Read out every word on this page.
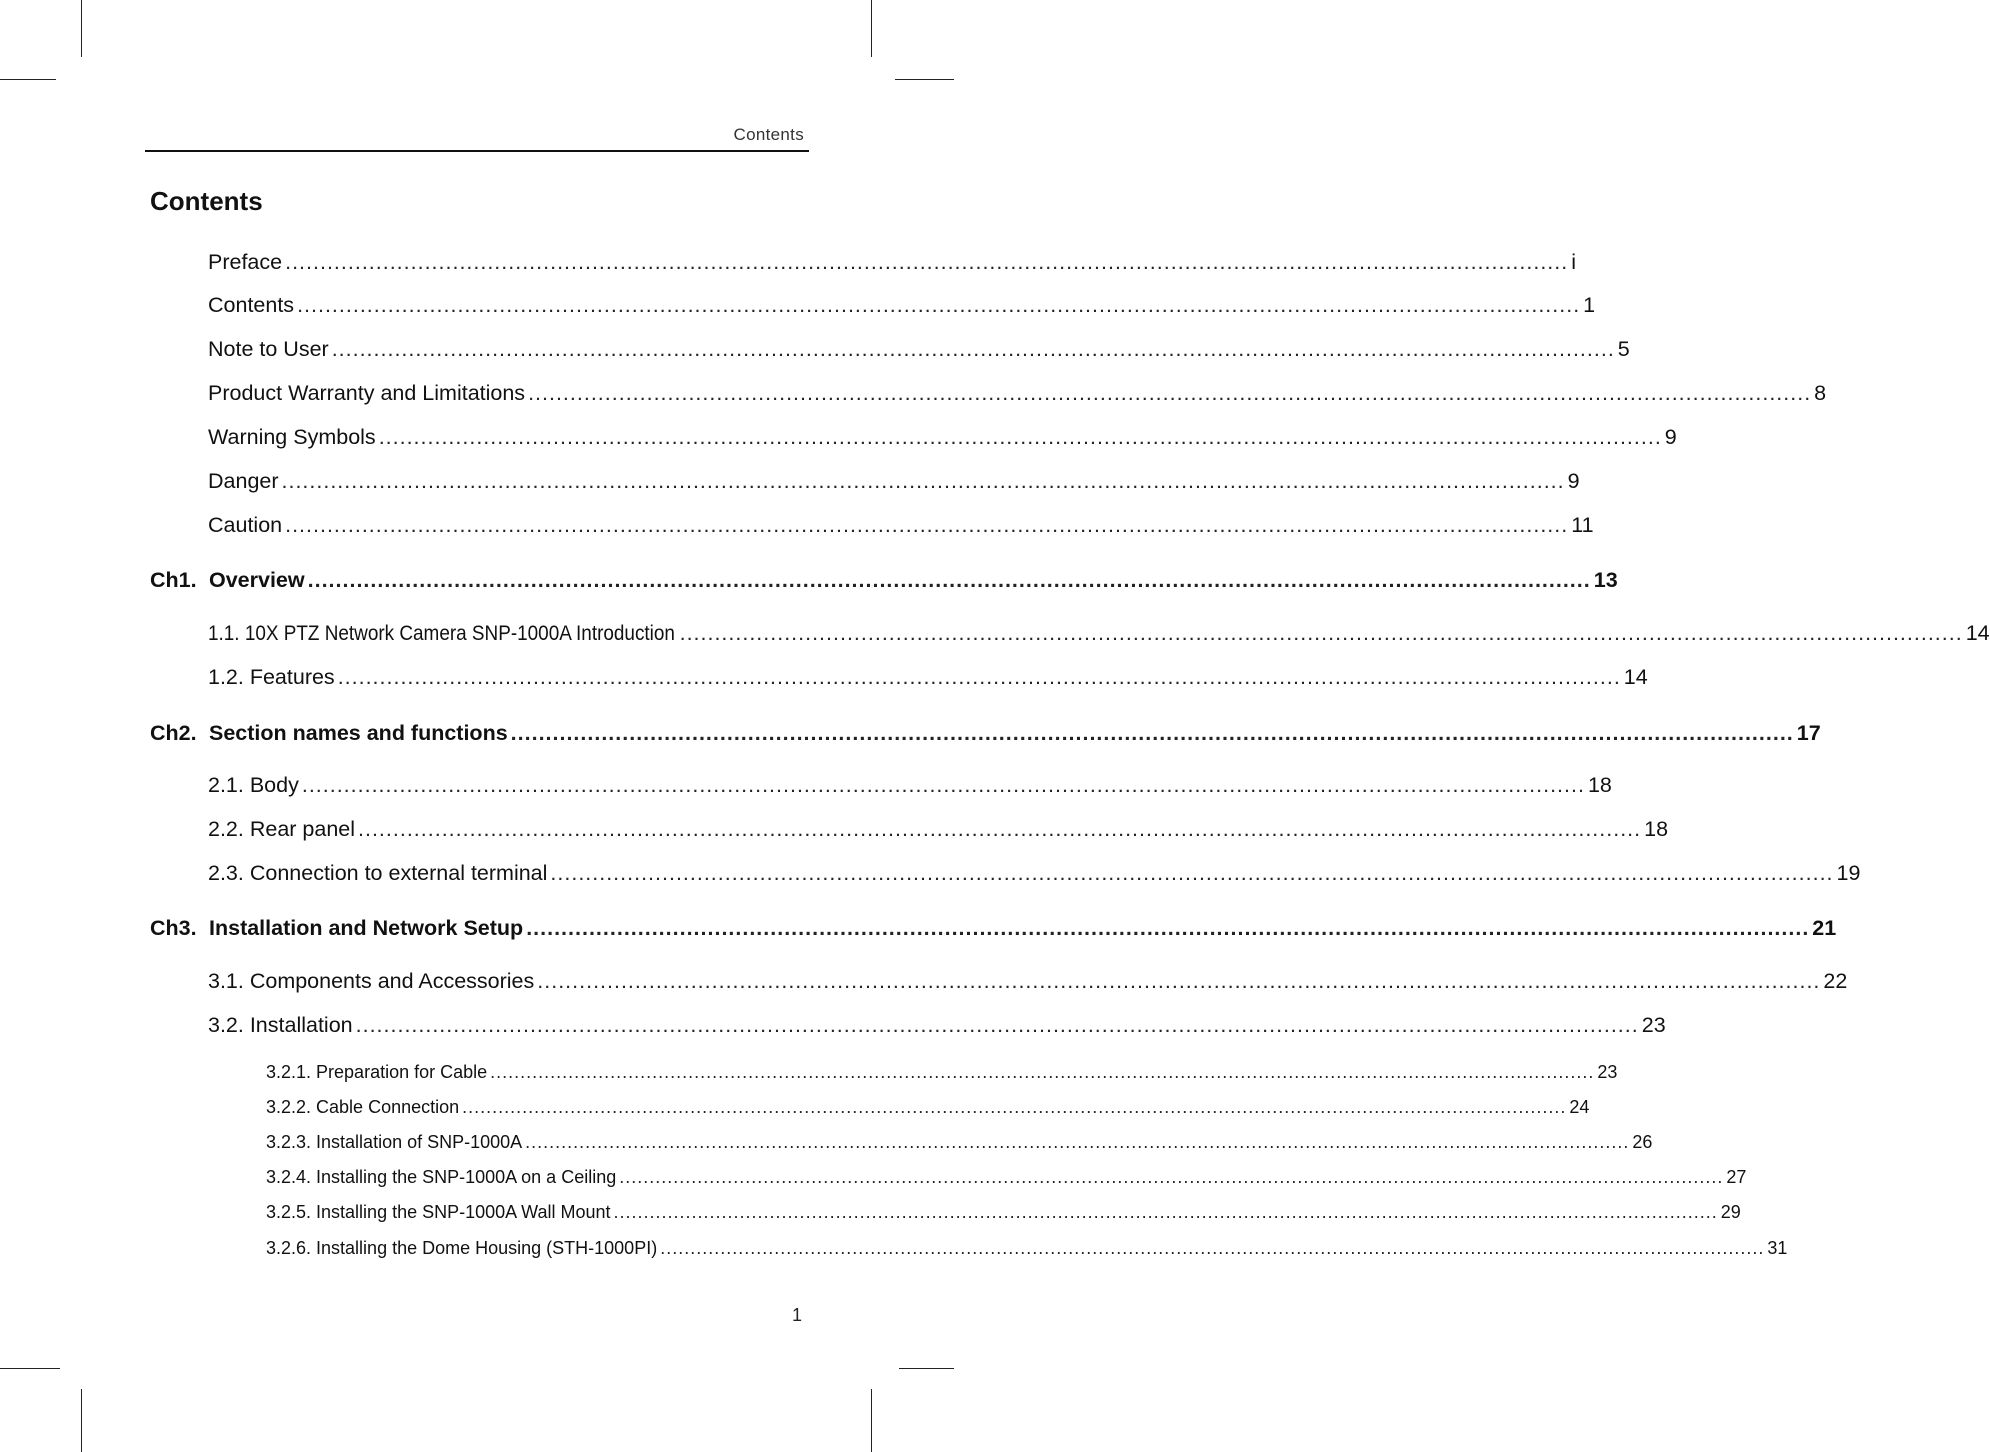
Contents
Contents
Preface ........................................................................................................................................................................................ i
Contents ........................................................................................................................................................................................ 1
Note to User ........................................................................................................................................................................................ 5
Product Warranty and Limitations ........................................................................................................................................................................................ 8
Warning Symbols ........................................................................................................................................................................................ 9
Danger ........................................................................................................................................................................................ 9
Caution ........................................................................................................................................................................................ 11
Ch1. Overview ........................................................................................................................................................................................ 13
1.1. 10X PTZ Network Camera SNP-1000A Introduction ........................................................................................................................................................................................ 14
1.2. Features ........................................................................................................................................................................................ 14
Ch2. Section names and functions ........................................................................................................................................................................................ 17
2.1. Body ........................................................................................................................................................................................ 18
2.2. Rear panel ........................................................................................................................................................................................ 18
2.3. Connection to external terminal ........................................................................................................................................................................................ 19
Ch3. Installation and Network Setup ........................................................................................................................................................................................ 21
3.1. Components and Accessories ........................................................................................................................................................................................ 22
3.2. Installation ........................................................................................................................................................................................ 23
3.2.1. Preparation for Cable ........................................................................................................................................................................................ 23
3.2.2. Cable Connection ........................................................................................................................................................................................ 24
3.2.3. Installation of SNP-1000A ........................................................................................................................................................................................ 26
3.2.4. Installing the SNP-1000A on a Ceiling ........................................................................................................................................................................................ 27
3.2.5. Installing the SNP-1000A Wall Mount ........................................................................................................................................................................................ 29
3.2.6. Installing the Dome Housing (STH-1000PI) ........................................................................................................................................................................................ 31
1
